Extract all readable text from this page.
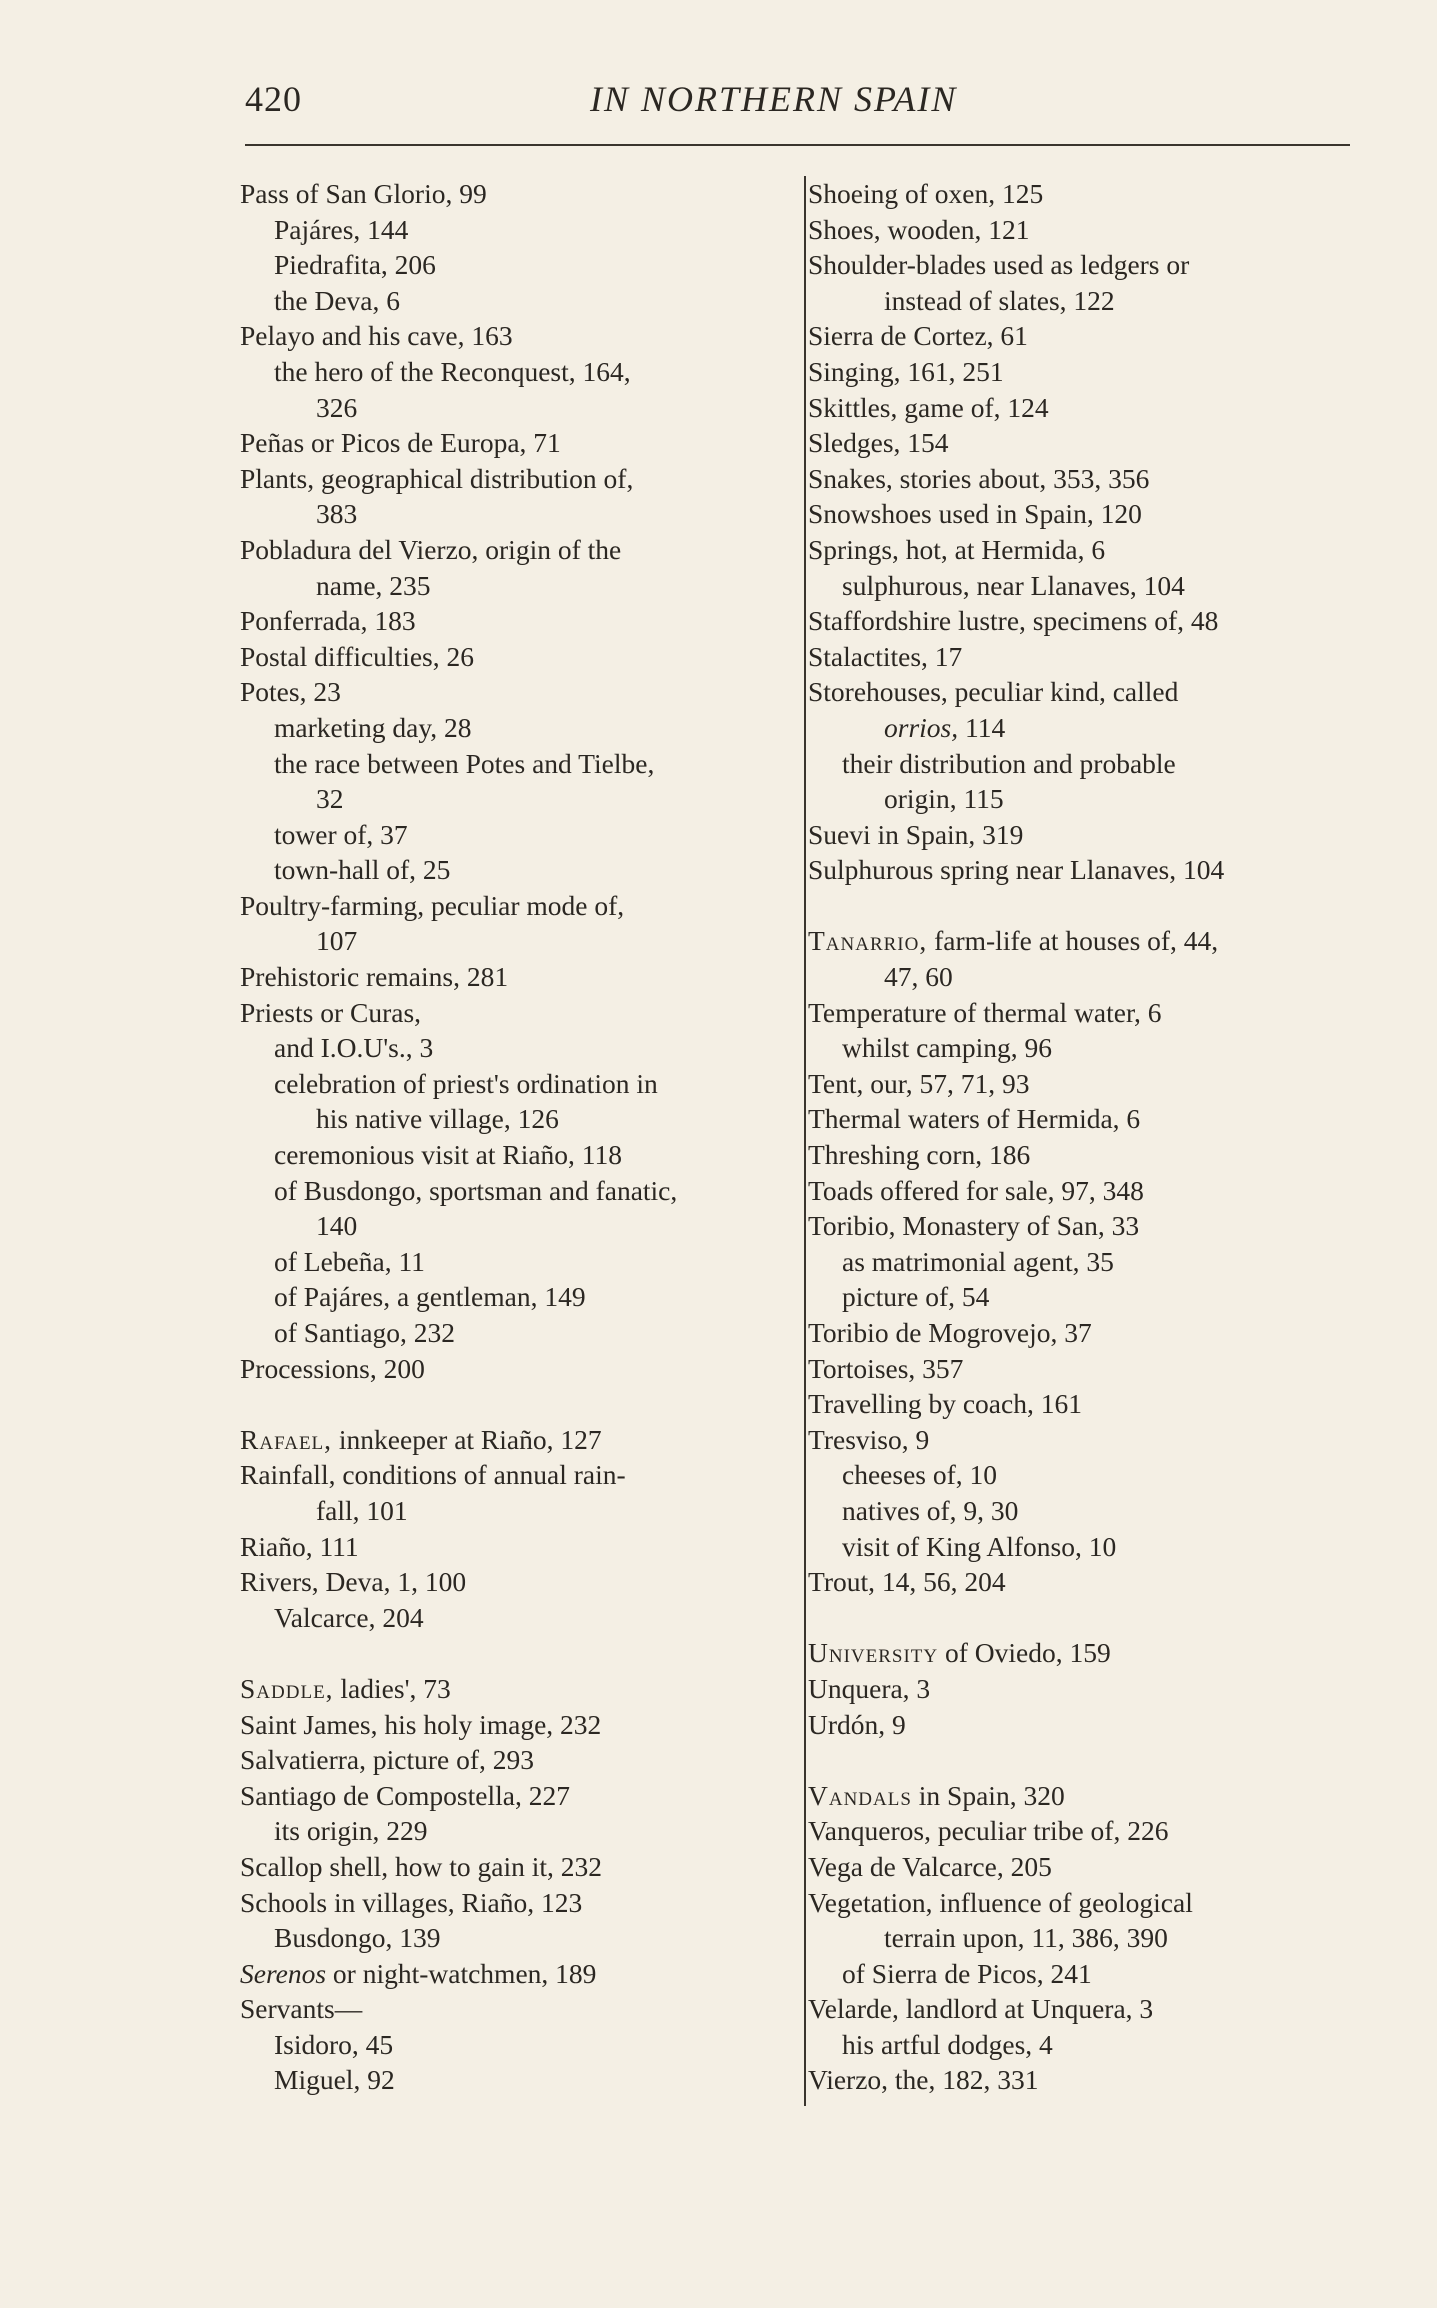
420	IN NORTHERN SPAIN
Pass of San Glorio, 99
Pajáres, 144
Piedrafita, 206
the Deva, 6
Pelayo and his cave, 163
the hero of the Reconquest, 164,
326
Peñas or Picos de Europa, 71
Plants, geographical distribution of,
383
Pobladura del Vierzo, origin of the
name, 235
Ponferrada, 183
Postal difficulties, 26
Potes, 23
marketing day, 28
the race between Potes and Tielbe,
32
tower of, 37
town-hall of, 25
Poultry-farming, peculiar mode of,
107
Prehistoric remains, 281
Priests or Curas,
and I.O.U's., 3
celebration of priest's ordination in
his native village, 126
ceremonious visit at Riaño, 118
of Busdongo, sportsman and fanatic,
140
of Lebeña, 11
of Pajáres, a gentleman, 149
of Santiago, 232
Processions, 200
Rafael, innkeeper at Riaño, 127
Rainfall, conditions of annual rain-
fall, 101
Riaño, 111
Rivers, Deva, 1, 100
Valcarce, 204
Saddle, ladies', 73
Saint James, his holy image, 232
Salvatierra, picture of, 293
Santiago de Compostella, 227
its origin, 229
Scallop shell, how to gain it, 232
Schools in villages, Riaño, 123
Busdongo, 139
Serenos or night-watchmen, 189
Servants—
Isidoro, 45
Miguel, 92
Shoeing of oxen, 125
Shoes, wooden, 121
Shoulder-blades used as ledgers or
instead of slates, 122
Sierra de Cortez, 61
Singing, 161, 251
Skittles, game of, 124
Sledges, 154
Snakes, stories about, 353, 356
Snowshoes used in Spain, 120
Springs, hot, at Hermida, 6
sulphurous, near Llanaves, 104
Staffordshire lustre, specimens of, 48
Stalactites, 17
Storehouses, peculiar kind, called
orrios, 114
their distribution and probable
origin, 115
Suevi in Spain, 319
Sulphurous spring near Llanaves, 104
Tanarrio, farm-life at houses of, 44,
47, 60
Temperature of thermal water, 6
whilst camping, 96
Tent, our, 57, 71, 93
Thermal waters of Hermida, 6
Threshing corn, 186
Toads offered for sale, 97, 348
Toribio, Monastery of San, 33
as matrimonial agent, 35
picture of, 54
Toribio de Mogrovejo, 37
Tortoises, 357
Travelling by coach, 161
Tresviso, 9
cheeses of, 10
natives of, 9, 30
visit of King Alfonso, 10
Trout, 14, 56, 204
University of Oviedo, 159
Unquera, 3
Urdón, 9
Vandals in Spain, 320
Vanqueros, peculiar tribe of, 226
Vega de Valcarce, 205
Vegetation, influence of geological
terrain upon, 11, 386, 390
of Sierra de Picos, 241
Velarde, landlord at Unquera, 3
his artful dodges, 4
Vierzo, the, 182, 331
